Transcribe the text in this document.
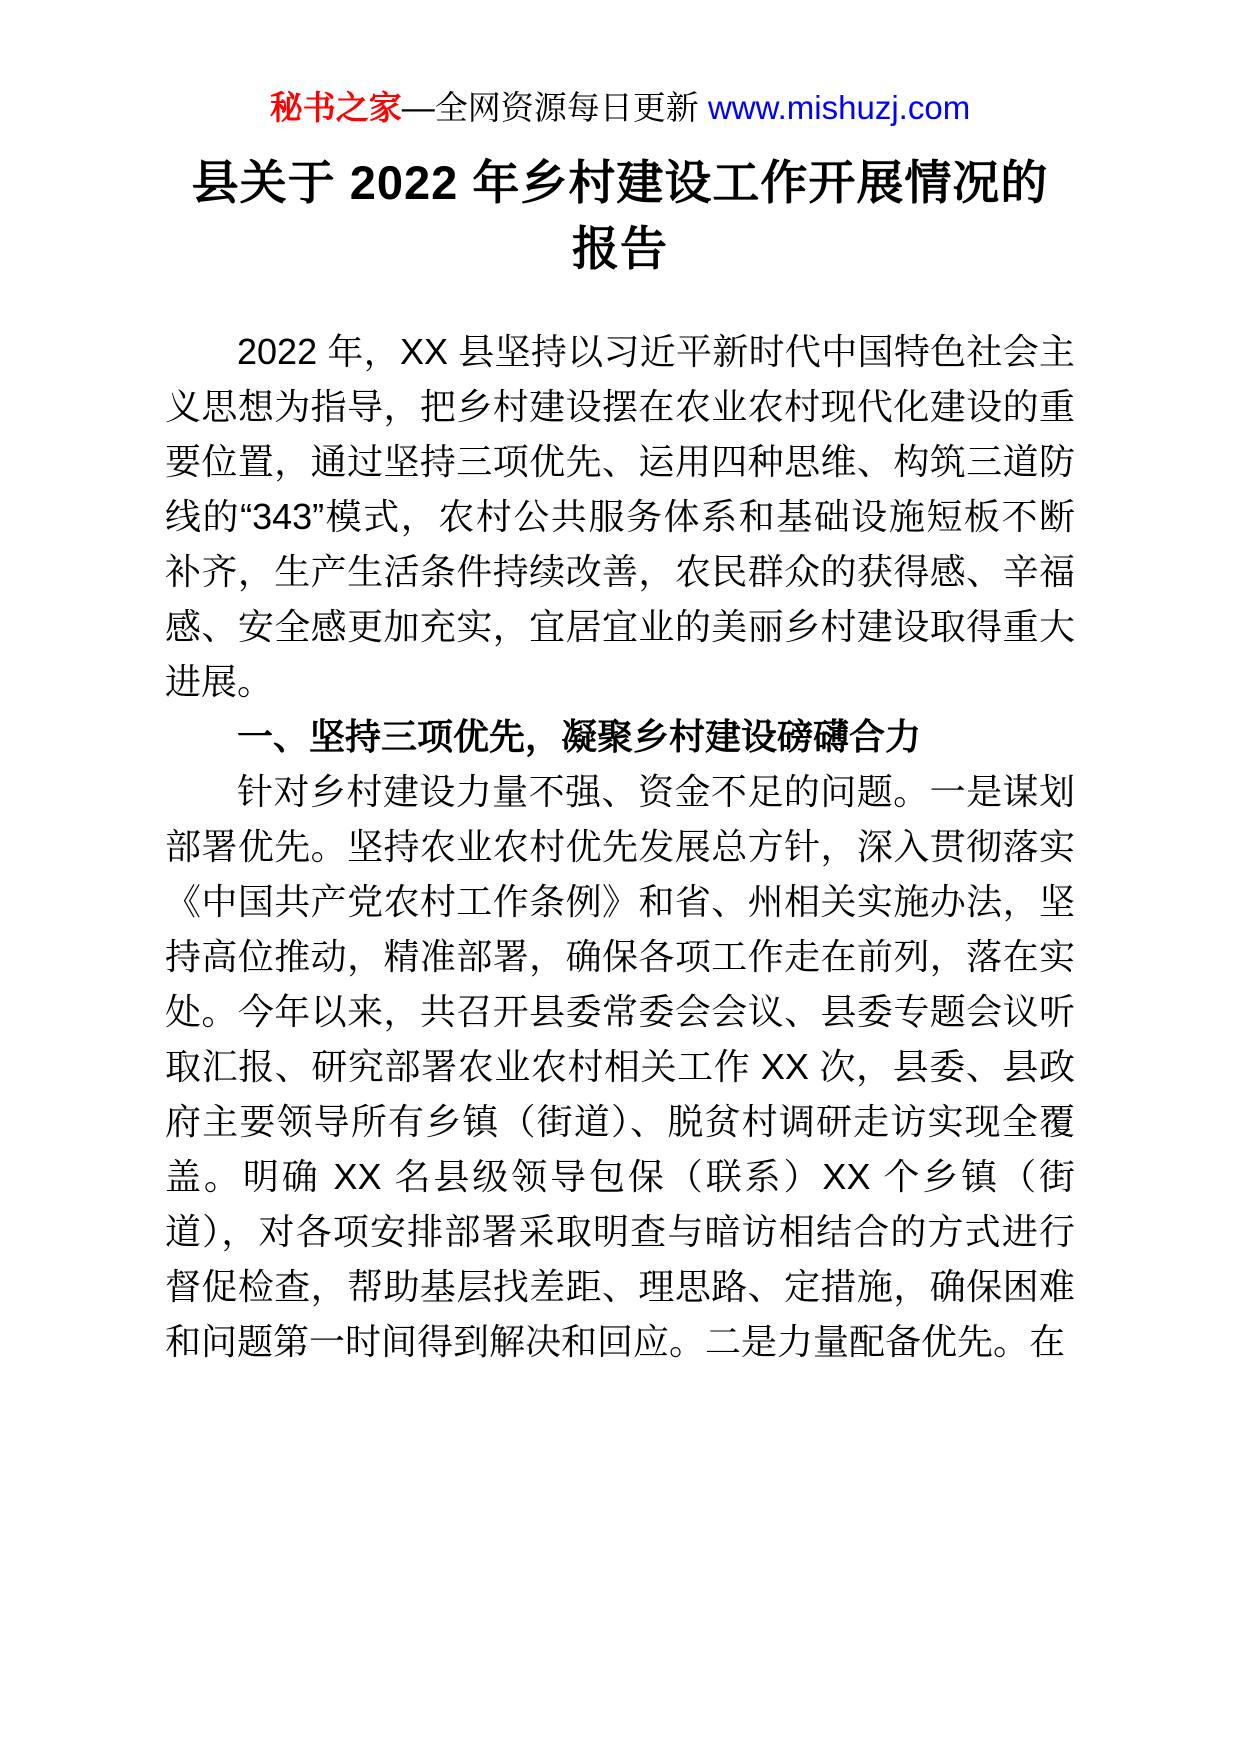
秘书之家—全网资源每日更新 www.mishuzj.com
县关于 2022 年乡村建设工作开展情况的
报告

2022 年，XX 县坚持以习近平新时代中国特色社会主义思想为指导，把乡村建设摆在农业农村现代化建设的重要位置，通过坚持三项优先、运用四种思维、构筑三道防线的“343”模式，农村公共服务体系和基础设施短板不断补齐，生产生活条件持续改善，农民群众的获得感、辛福感、安全感更加充实，宜居宜业的美丽乡村建设取得重大进展。

一、坚持三项优先，凝聚乡村建设磅礴合力

针对乡村建设力量不强、资金不足的问题。一是谋划部署优先。坚持农业农村优先发展总方针，深入贯彻落实《中国共产党农村工作条例》和省、州相关实施办法，坚持高位推动，精准部署，确保各项工作走在前列，落在实处。今年以来，共召开县委常委会会议、县委专题会议听取汇报、研究部署农业农村相关工作 XX 次，县委、县政府主要领导所有乡镇（街道）、脱贫村调研走访实现全覆盖。明确 XX 名县级领导包保（联系）XX 个乡镇（街道），对各项安排部署采取明查与暗访相结合的方式进行督促检查，帮助基层找差距、理思路、定措施，确保困难和问题第一时间得到解决和回应。二是力量配备优先。在
